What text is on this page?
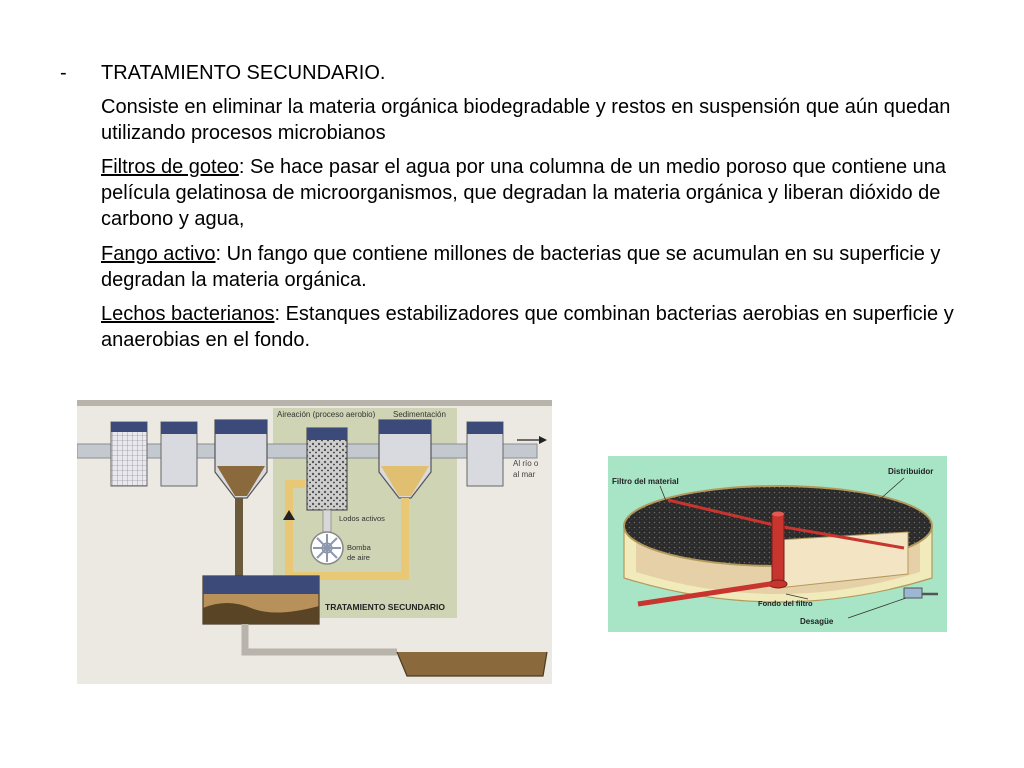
- TRATAMIENTO SECUNDARIO.
Consiste en eliminar la materia orgánica biodegradable y restos en suspensión que aún quedan utilizando procesos microbianos
Filtros de goteo: Se hace pasar el agua por una columna de un medio poroso que contiene una película gelatinosa de microorganismos, que degradan la materia orgánica y liberan dióxido de carbono y agua,
Fango activo: Un fango que contiene millones de bacterias que se acumulan en su superficie y degradan la materia orgánica.
Lechos bacterianos: Estanques estabilizadores que combinan bacterias aerobias en superficie y anaerobias en el fondo.
Aireación (proceso aerobio) Sedimentación
Lodos activos
Bomba
de aire
Al río o
al mar
TRATAMIENTO SECUNDARIO
Filtro del material
Distribuidor
Fondo del filtro
Desagüe
